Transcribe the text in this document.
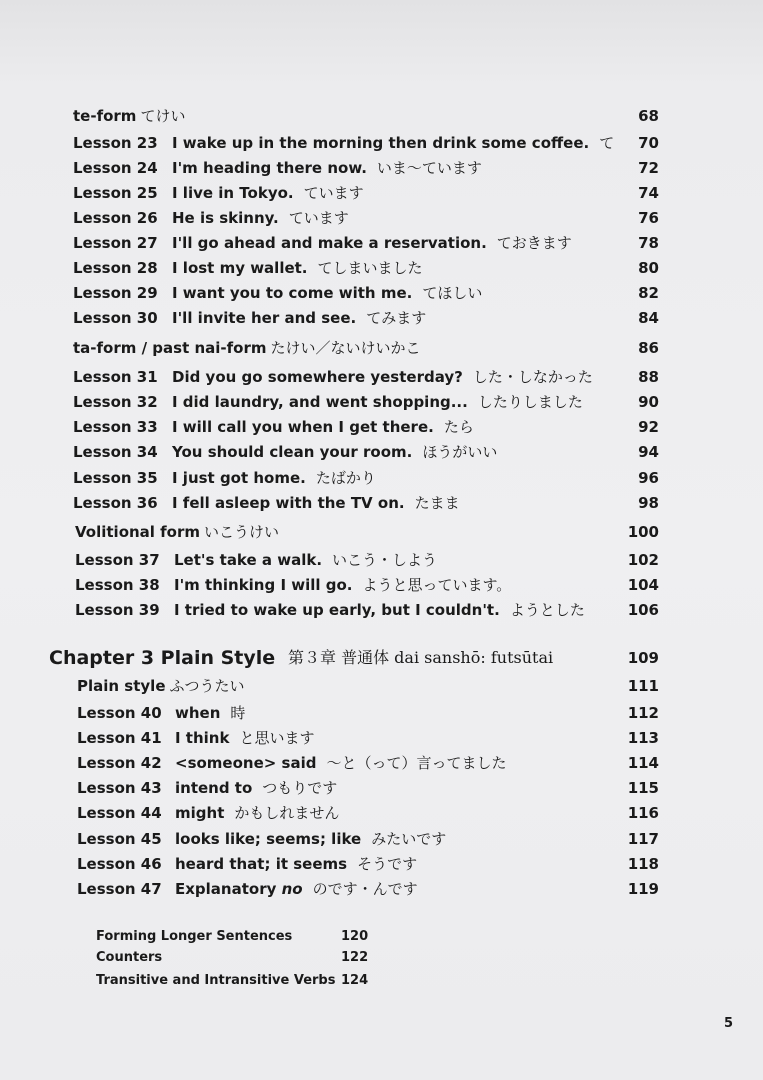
te-form てけい	68
Lesson 23 I wake up in the morning then drink some coffee. て 70
Lesson 24 I'm heading there now. いま〜ています	72
Lesson 25 I live in Tokyo. ています	74
Lesson 26 He is skinny. ています	76
Lesson 27 I'll go ahead and make a reservation. ておきます	78
Lesson 28 I lost my wallet. てしまいました	80
Lesson 29 I want you to come with me. てほしい	82
Lesson 30 I'll invite her and see. てみます	84
ta-form / past nai-form たけい／ないけいかこ	86
Lesson 31 Did you go somewhere yesterday? した・しなかった	88
Lesson 32 I did laundry, and went shopping... したりしました	90
Lesson 33 I will call you when I get there. たら	92
Lesson 34 You should clean your room. ほうがいい	94
Lesson 35 I just got home. たばかり	96
Lesson 36 I fell asleep with the TV on. たまま	98
Volitional form いこうけい	100
Lesson 37 Let's take a walk. いこう・しよう	102
Lesson 38 I'm thinking I will go. ようと思っています。	104
Lesson 39 I tried to wake up early, but I couldn't. ようとした	106
Chapter 3 Plain Style 第３章 普通体 dai sanshō: futsūtai	109
Plain style ふつうたい	111
Lesson 40 when 時	112
Lesson 41 I think と思います	113
Lesson 42 <someone> said 〜と（って）言ってました	114
Lesson 43 intend to つもりです	115
Lesson 44 might かもしれません	116
Lesson 45 looks like; seems; like みたいです	117
Lesson 46 heard that; it seems そうです	118
Lesson 47 Explanatory no のです・んです	119
Forming Longer Sentences	120
Counters	122
Transitive and Intransitive Verbs 124
5
